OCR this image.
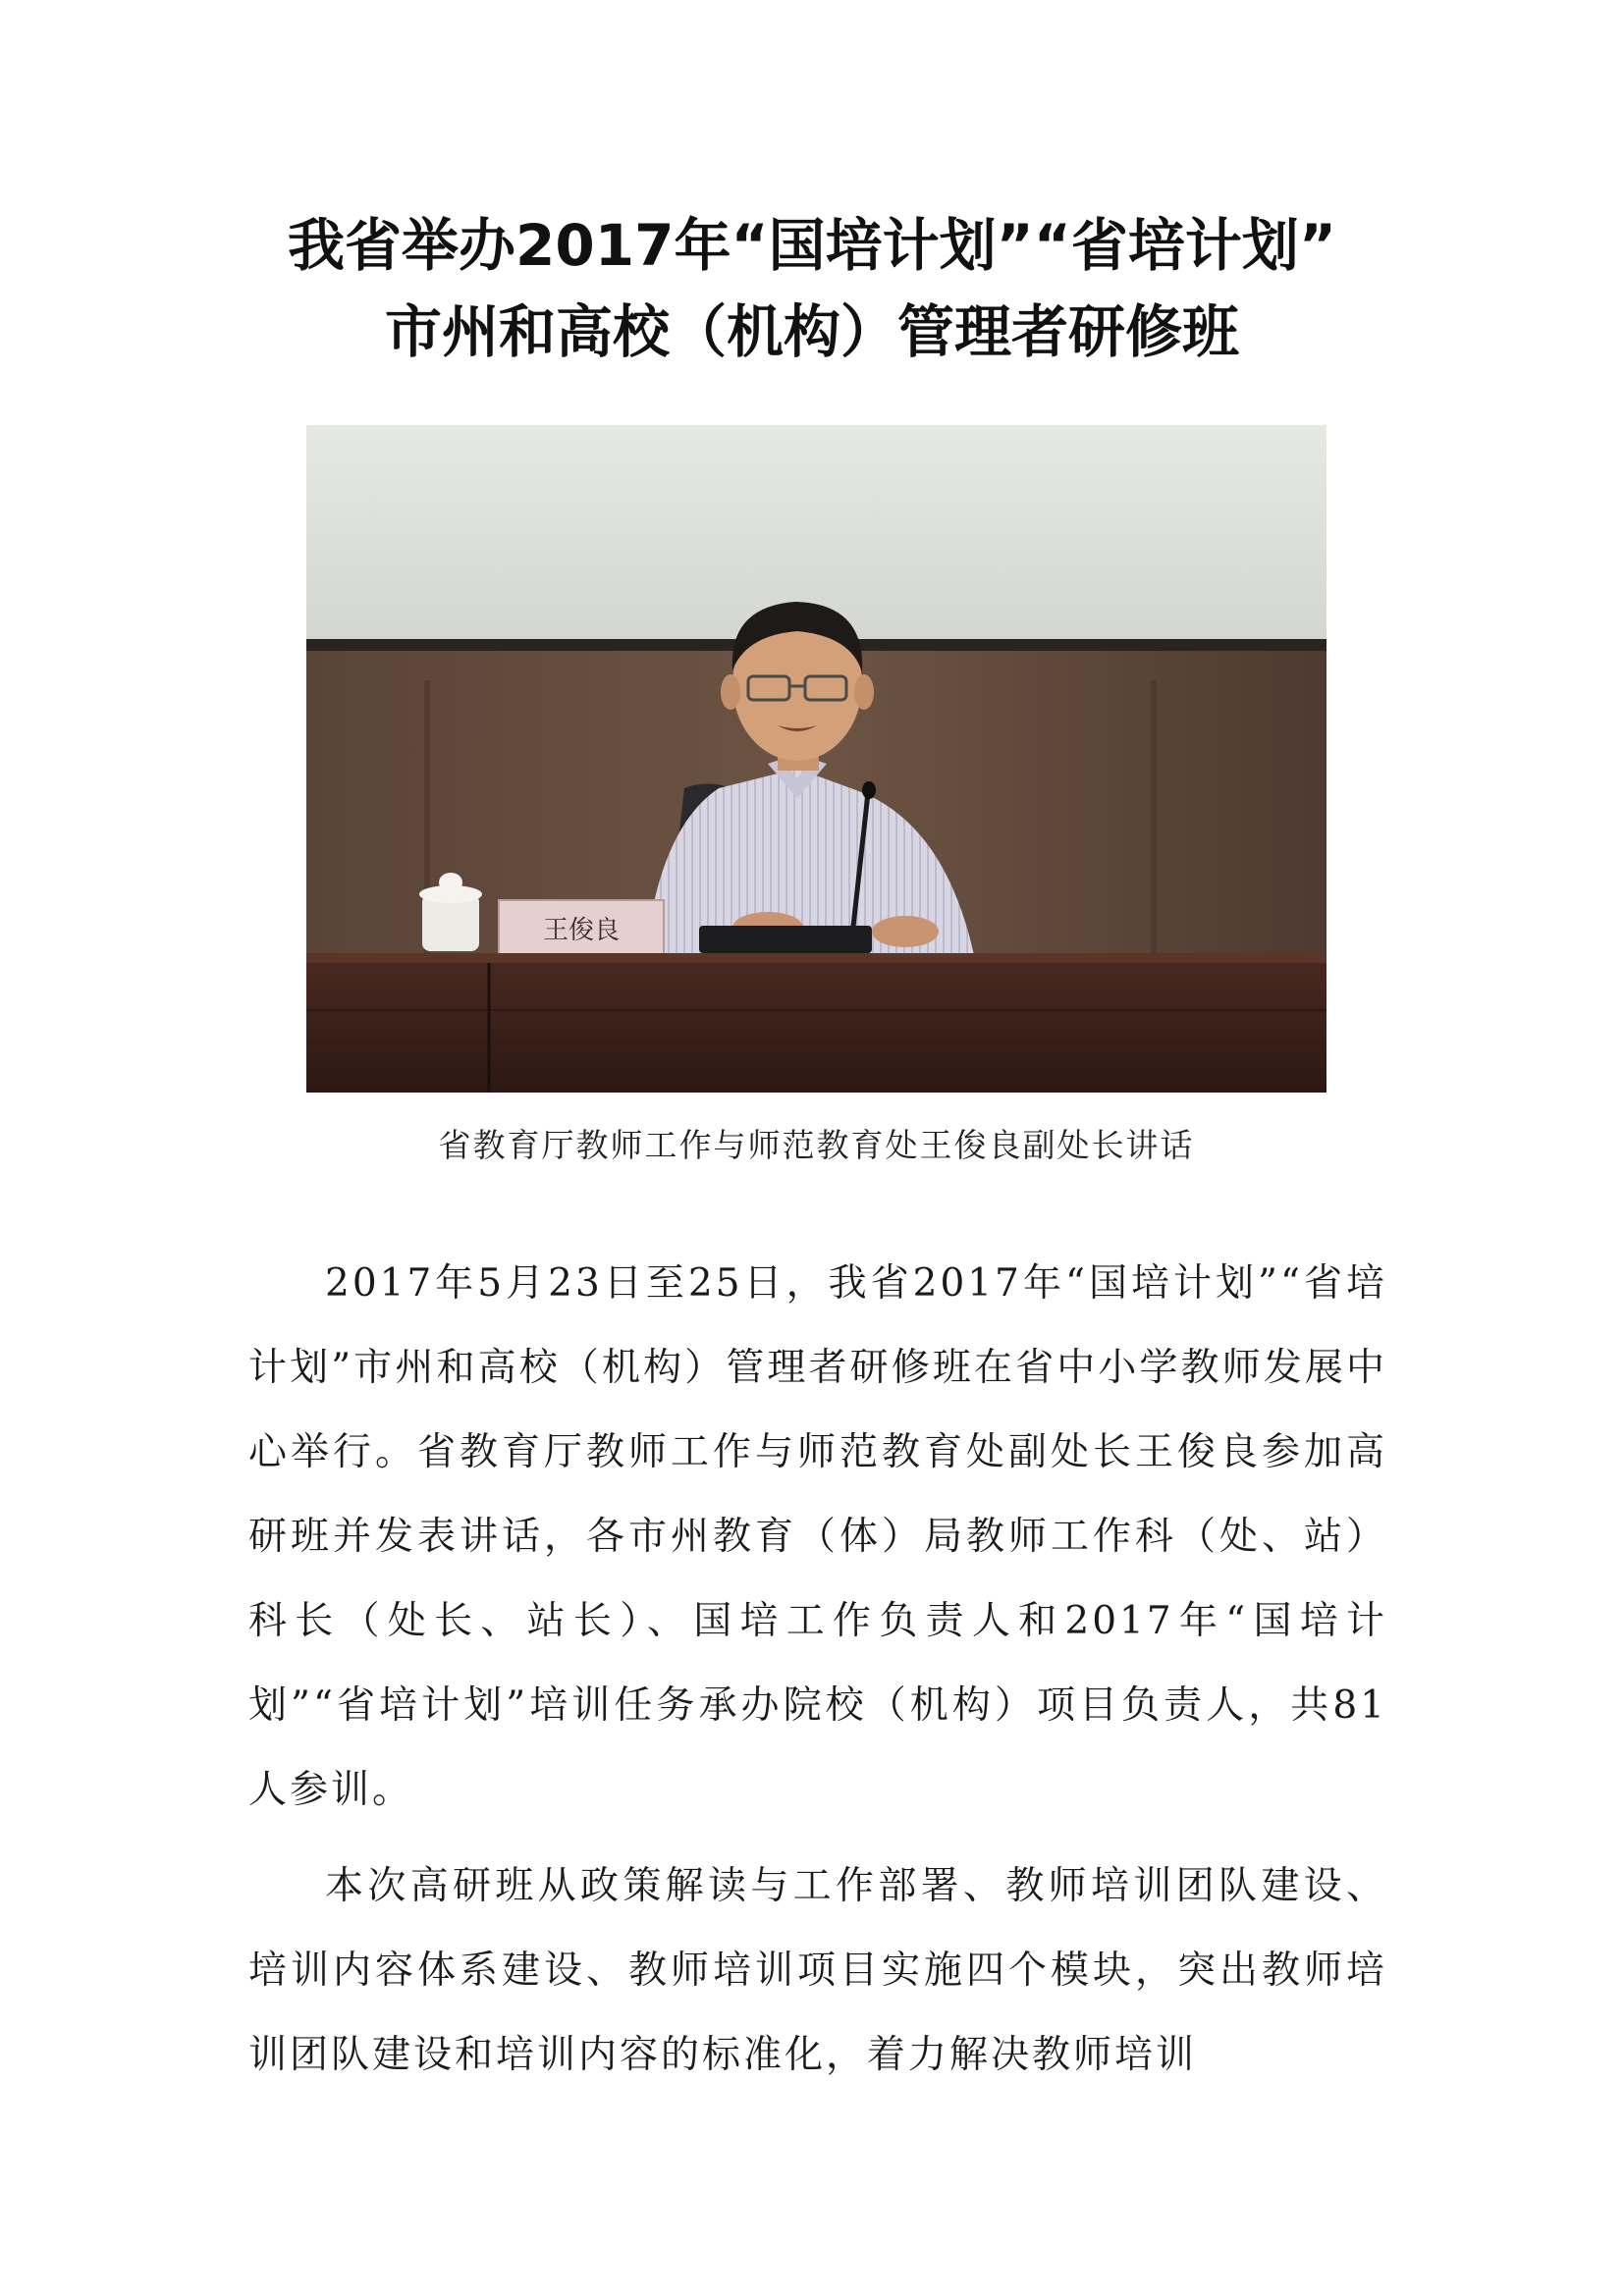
我省举办2017年“国培计划”“省培计划”
市州和高校（机构）管理者研修班
王俊良
省教育厅教师工作与师范教育处王俊良副处长讲话

2017年5月23日至25日，我省2017年“国培计划”“省培计划”市州和高校（机构）管理者研修班在省中小学教师发展中心举行。省教育厅教师工作与师范教育处副处长王俊良参加高研班并发表讲话，各市州教育（体）局教师工作科（处、站）科长（处长、站长）、国培工作负责人和2017年“国培计划”“省培计划”培训任务承办院校（机构）项目负责人，共81人参训。

本次高研班从政策解读与工作部署、教师培训团队建设、培训内容体系建设、教师培训项目实施四个模块，突出教师培训团队建设和培训内容的标准化，着力解决教师培训
